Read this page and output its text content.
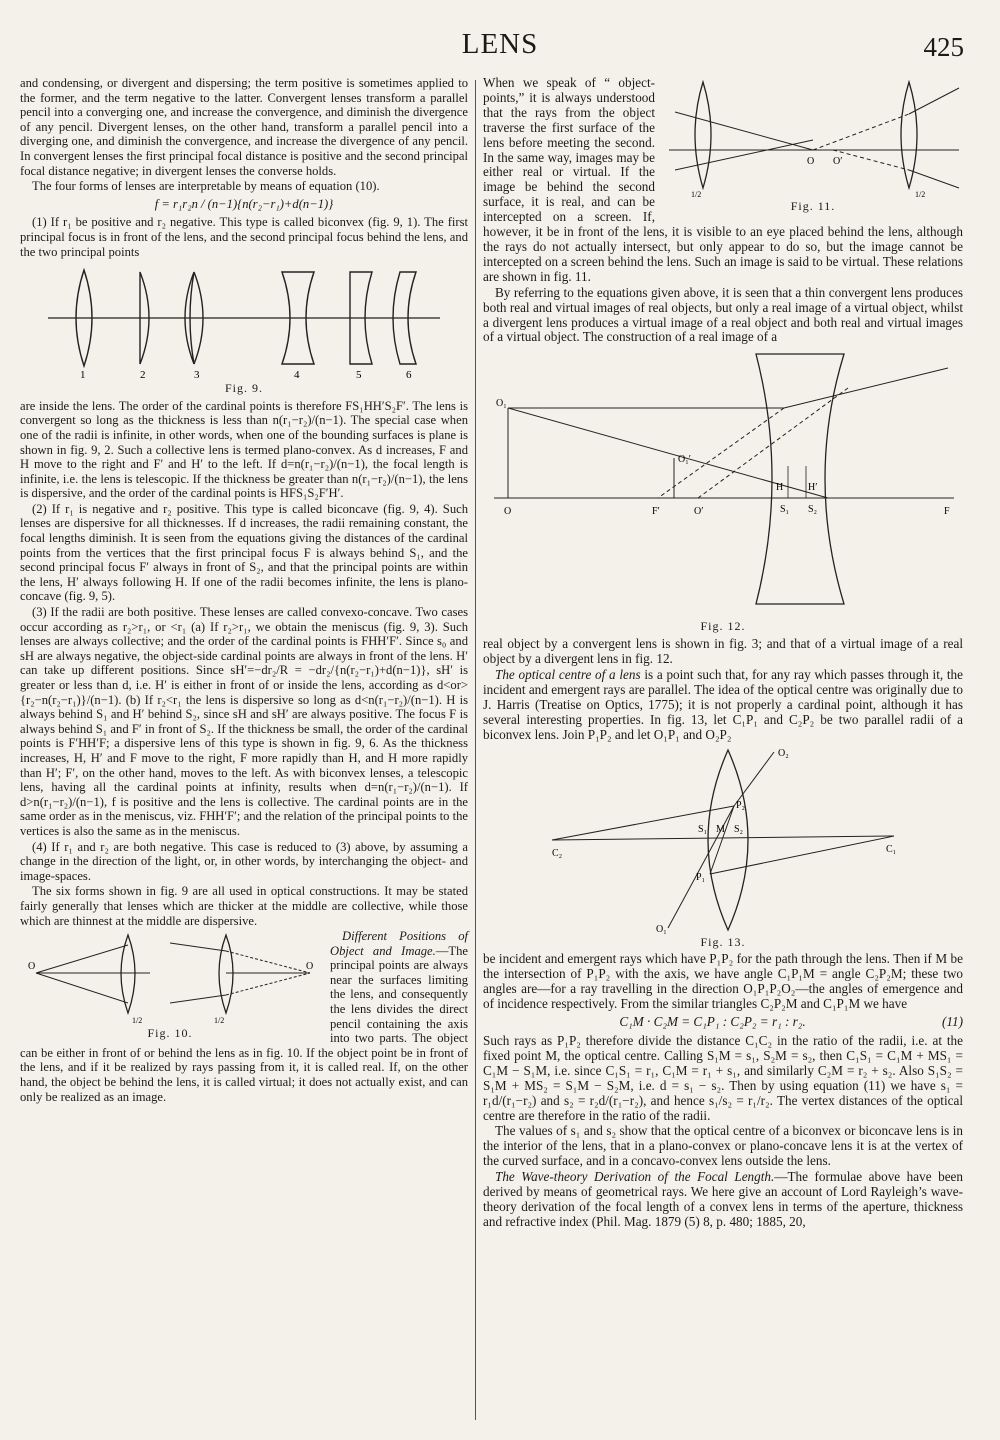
LENS	425

and condensing, or divergent and dispersing; the term positive is sometimes applied to the former, and the term negative to the latter. Convergent lenses transform a parallel pencil into a converging one, and increase the convergence, and diminish the divergence of any pencil. Divergent lenses, on the other hand, transform a parallel pencil into a diverging one, and diminish the convergence, and increase the divergence of any pencil. In convergent lenses the first principal focal distance is positive and the second principal focal distance negative; in divergent lenses the converse holds.

The four forms of lenses are interpretable by means of equation (10).

f = r₁r₂n / (n−1){n(r₂−r₁)+d(n−1)}

(1) If r₁ be positive and r₂ negative. This type is called biconvex (fig. 9, 1). The first principal focus is in front of the lens, and the second principal focus behind the lens, and the two principal points

1	2	3	4	5	6
Fig. 9.

are inside the lens. The order of the cardinal points is therefore FS₁HH′S₂F′. The lens is convergent so long as the thickness is less than n(r₁−r₂)/(n−1). The special case when one of the radii is infinite, in other words, when one of the bounding surfaces is plane is shown in fig. 9, 2. Such a collective lens is termed plano-convex. As d increases, F and H move to the right and F′ and H′ to the left. If d=n(r₁−r₂)/(n−1), the focal length is infinite, i.e. the lens is telescopic. If the thickness be greater than n(r₁−r₂)/(n−1), the lens is dispersive, and the order of the cardinal points is HFS₁S₂F′H′.

(2) If r₁ is negative and r₂ positive. This type is called biconcave (fig. 9, 4). Such lenses are dispersive for all thicknesses. If d increases, the radii remaining constant, the focal lengths diminish. It is seen from the equations giving the distances of the cardinal points from the vertices that the first principal focus F is always behind S₁, and the second principal focus F′ always in front of S₂, and that the principal points are within the lens, H′ always following H. If one of the radii becomes infinite, the lens is plano-concave (fig. 9, 5).

(3) If the radii are both positive. These lenses are called convexo-concave. Two cases occur according as r₂>r₁, or <r₁ (a) If r₂>r₁, we obtain the meniscus (fig. 9, 3). Such lenses are always collective; and the order of the cardinal points is FHH′F′. Since s₀ and sH are always negative, the object-side cardinal points are always in front of the lens. H′ can take up different positions. Since sH′=−dr₂/R = −dr₂/{n(r₂−r₁)+d(n−1)}, sH′ is greater or less than d, i.e. H′ is either in front of or inside the lens, according as d<or>{r₂−n(r₂−r₁)}/(n−1). (b) If r₂<r₁ the lens is dispersive so long as d<n(r₁−r₂)/(n−1). H is always behind S₁ and H′ behind S₂, since sH and sH′ are always positive. The focus F is always behind S₁ and F′ in front of S₂. If the thickness be small, the order of the cardinal points is F′HH′F; a dispersive lens of this type is shown in fig. 9, 6. As the thickness increases, H, H′ and F move to the right, F more rapidly than H, and H more rapidly than H′; F′, on the other hand, moves to the left. As with biconvex lenses, a telescopic lens, having all the cardinal points at infinity, results when d=n(r₁−r₂)/(n−1). If d>n(r₁−r₂)/(n−1), f is positive and the lens is collective. The cardinal points are in the same order as in the meniscus, viz. FHH′F′; and the relation of the principal points to the vertices is also the same as in the meniscus.

(4) If r₁ and r₂ are both negative. This case is reduced to (3) above, by assuming a change in the direction of the light, or, in other words, by interchanging the object- and image-spaces.

The six forms shown in fig. 9 are all used in optical constructions. It may be stated fairly generally that lenses which are thicker at the middle are collective, while those which are thinnest at the middle are dispersive.

O
1/2	1/2
O
Fig. 10.

Different Positions of Object and Image.—The principal points are always near the surfaces limiting the lens, and consequently the lens divides the direct pencil containing the axis into two parts. The object can be either in front of or behind the lens as in fig. 10. If the object point be in front of the lens, and if it be realized by rays passing from it, it is called real. If, on the other hand, the object be behind the lens, it is called virtual; it does not actually exist, and can only be realized as an image.

O O′
1/2	1/2
Fig. 11.

When we speak of “ object-points,” it is always understood that the rays from the object traverse the first surface of the lens before meeting the second. In the same way, images may be either real or virtual. If the image be behind the second surface, it is real, and can be intercepted on a screen. If, however, it be in front of the lens, it is visible to an eye placed behind the lens, although the rays do not actually intersect, but only appear to do so, but the image cannot be intercepted on a screen behind the lens. Such an image is said to be virtual. These relations are shown in fig. 11.

By referring to the equations given above, it is seen that a thin convergent lens produces both real and virtual images of real objects, but only a real image of a virtual object, whilst a divergent lens produces a virtual image of a real object and both real and virtual images of a virtual object. The construction of a real image of a

O₁
O	F′	O′
O₁′
H H′
S₁ S₂	F
Fig. 12.

real object by a convergent lens is shown in fig. 3; and that of a virtual image of a real object by a divergent lens in fig. 12.

The optical centre of a lens is a point such that, for any ray which passes through it, the incident and emergent rays are parallel. The idea of the optical centre was originally due to J. Harris (Treatise on Optics, 1775); it is not properly a cardinal point, although it has several interesting properties. In fig. 13, let C₁P₁ and C₂P₂ be two parallel radii of a biconvex lens. Join P₁P₂ and let O₁P₁ and O₂P₂

O₂
P₂
C₂
S₁ M S₂
C₁
P₁
O₁
Fig. 13.

be incident and emergent rays which have P₁P₂ for the path through the lens. Then if M be the intersection of P₁P₂ with the axis, we have angle C₁P₁M = angle C₂P₂M; these two angles are—for a ray travelling in the direction O₁P₁P₂O₂—the angles of emergence and of incidence respectively. From the similar triangles C₂P₂M and C₁P₁M we have

C₁M · C₂M = C₁P₁ : C₂P₂ = r₁ : r₂.	(11)

Such rays as P₁P₂ therefore divide the distance C₁C₂ in the ratio of the radii, i.e. at the fixed point M, the optical centre. Calling S₁M = s₁, S₂M = s₂, then C₁S₁ = C₁M + MS₁ = C₁M − S₁M, i.e. since C₁S₁ = r₁, C₁M = r₁ + s₁, and similarly C₂M = r₂ + s₂. Also S₁S₂ = S₁M + MS₂ = S₁M − S₂M, i.e. d = s₁ − s₂. Then by using equation (11) we have s₁ = r₁d/(r₁−r₂) and s₂ = r₂d/(r₁−r₂), and hence s₁/s₂ = r₁/r₂. The vertex distances of the optical centre are therefore in the ratio of the radii.

The values of s₁ and s₂ show that the optical centre of a biconvex or biconcave lens is in the interior of the lens, that in a plano-convex or plano-concave lens it is at the vertex of the curved surface, and in a concavo-convex lens outside the lens.

The Wave-theory Derivation of the Focal Length.—The formulae above have been derived by means of geometrical rays. We here give an account of Lord Rayleigh’s wave-theory derivation of the focal length of a convex lens in terms of the aperture, thickness and refractive index (Phil. Mag. 1879 (5) 8, p. 480; 1885, 20,
